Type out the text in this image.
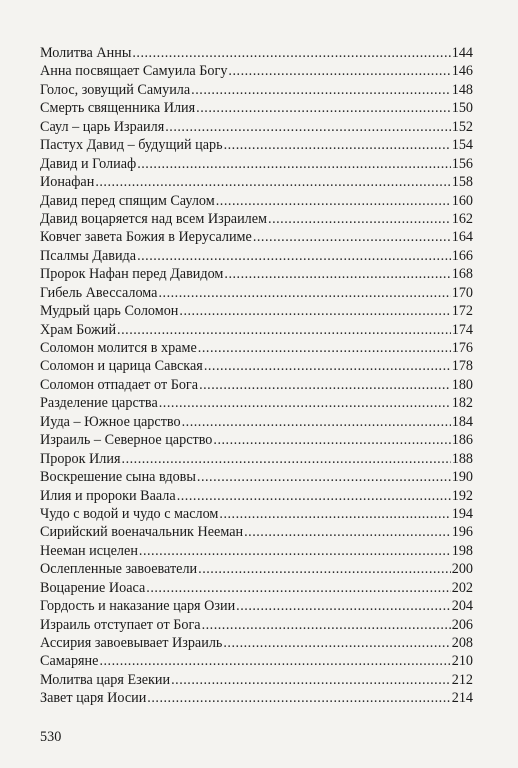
Молитва Анны .....	144
Анна посвящает Самуила Богу .....	146
Голос, зовущий Самуила .....	148
Смерть священника Илия .....	150
Саул – царь Израиля .....	152
Пастух Давид – будущий царь .....	154
Давид и Голиаф .....	156
Ионафан .....	158
Давид перед спящим Саулом .....	160
Давид воцаряется над всем Израилем .....	162
Ковчег завета Божия в Иерусалиме .....	164
Псалмы Давида .....	166
Пророк Нафан перед Давидом .....	168
Гибель Авессалома .....	170
Мудрый царь Соломон .....	172
Храм Божий .....	174
Соломон молится в храме .....	176
Соломон и царица Савская .....	178
Соломон отпадает от Бога .....	180
Разделение царства .....	182
Иуда – Южное царство .....	184
Израиль – Северное царство .....	186
Пророк Илия .....	188
Воскрешение сына вдовы .....	190
Илия и пророки Ваала .....	192
Чудо с водой и чудо с маслом .....	194
Сирийский военачальник Нееман .....	196
Нееман исцелен .....	198
Ослепленные завоеватели .....	200
Воцарение Иоаса .....	202
Гордость и наказание царя Озии .....	204
Израиль отступает от Бога .....	206
Ассирия завоевывает Израиль .....	208
Самаряне .....	210
Молитва царя Езекии .....	212
Завет царя Иосии .....	214
530
